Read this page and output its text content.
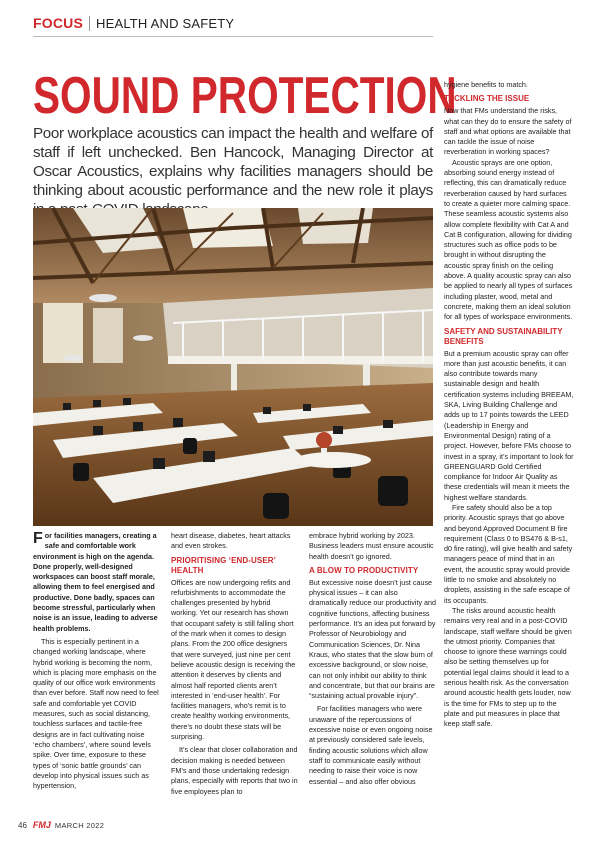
FOCUS HEALTH AND SAFETY
SOUND PROTECTION
Poor workplace acoustics can impact the health and welfare of staff if left unchecked. Ben Hancock, Managing Director at Oscar Acoustics, explains why facilities managers should be thinking about acoustic performance and the new role it plays

For facilities managers, creating a safe and comfortable work environment is high on the agenda. Done properly, well-designed workspaces can boost staff morale, allowing them to feel energised and productive. Done badly, spaces can become stressful, particularly when noise is an issue, leading to adverse health problems.

This is especially pertinent in a changed working landscape, where hybrid working is becoming the norm, which is placing more emphasis on the quality of our office work environments than ever before. Staff now need to feel safe and comfortable yet COVID measures, such as social distancing, touchless surfaces and tactile-free designs are in fact cultivating noise ‘echo chambers’, where sound levels spike. Over time, exposure to these types of ‘sonic battle grounds’ can develop into physical issues such as hypertension,

heart disease, diabetes, heart attacks and even strokes.

PRIORITISING ‘END-USER’ HEALTH

Offices are now undergoing refits and refurbishments to accommodate the challenges presented by hybrid working. Yet our research has shown that occupant safety is still falling short of the mark when it comes to design plans. From the 200 office designers that were surveyed, just nine per cent believe acoustic design is receiving the attention it deserves by clients and almost half reported clients aren’t interested in ‘end-user health’. For facilities managers, who’s remit is to create healthy working environments, there’s no doubt these stats will be surprising.

It’s clear that closer collaboration and decision making is needed between FM’s and those undertaking redesign plans, especially with reports that two in five employees plan to

embrace hybrid working by 2023. Business leaders must ensure acoustic health doesn’t go ignored.

A BLOW TO PRODUCTIVITY

But excessive noise doesn’t just cause physical issues – it can also dramatically reduce our productivity and cognitive functions, affecting business performance. It’s an idea put forward by Professor of Neurobiology and Communication Sciences, Dr. Nina Kraus, who states that the slow burn of excessive background, or slow noise, can not only inhibit our ability to think and concentrate, but that our brains are “sustaining actual provable injury”.

For facilities managers who were unaware of the repercussions of excessive noise or even ongoing noise at previously considered safe levels, finding acoustic solutions which allow staff to communicate easily without needing to raise their voice is now essential – and also offer obvious

hygiene benefits to match.

TACKLING THE ISSUE

Now that FMs understand the risks, what can they do to ensure the safety of staff and what options are available that can tackle the issue of noise reverberation in working spaces?

Acoustic sprays are one option, absorbing sound energy instead of reflecting, this can dramatically reduce reverberation caused by hard surfaces to create a quieter more calming space. These seamless acoustic systems also allow complete flexibility with Cat A and Cat B configuration, allowing for dividing structures such as office pods to be brought in without disrupting the acoustic spray finish on the ceiling above. A quality acoustic spray can also be applied to nearly all types of surfaces including plaster, wood, metal and concrete, making them an ideal solution for all types of workspace environments.

SAFETY AND SUSTAINABILITY BENEFITS

But a premium acoustic spray can offer more than just acoustic benefits, it can also contribute towards many sustainable design and health certification systems including BREEAM, SKA, Living Building Challenge and adds up to 17 points towards the LEED (Leadership in Energy and Environmental Design) rating of a project. However, before FMs choose to invest in a spray, it’s important to look for GREENGUARD Gold Certified compliance for Indoor Air Quality as these credentials will mean it meets the highest welfare standards.

Fire safety should also be a top priority. Acoustic sprays that go above and beyond Approved Document B fire requirement (Class 0 to BS476 & B-s1, d0 fire rating), will give health and safety managers peace of mind that in an event, the acoustic spray would provide little to no smoke and absolutely no droplets, assisting in the safe escape of its occupants.

The risks around acoustic health remains very real and in a post-COVID landscape, staff welfare should be given the utmost priority. Companies that choose to ignore these warnings could also be setting themselves up for potential legal claims should it lead to a serious health risk. As the conversation around acoustic health gets louder, now is the time for FMs to step up to the plate and put measures in place that keep staff safe.

46 FMJ MARCH 2022
